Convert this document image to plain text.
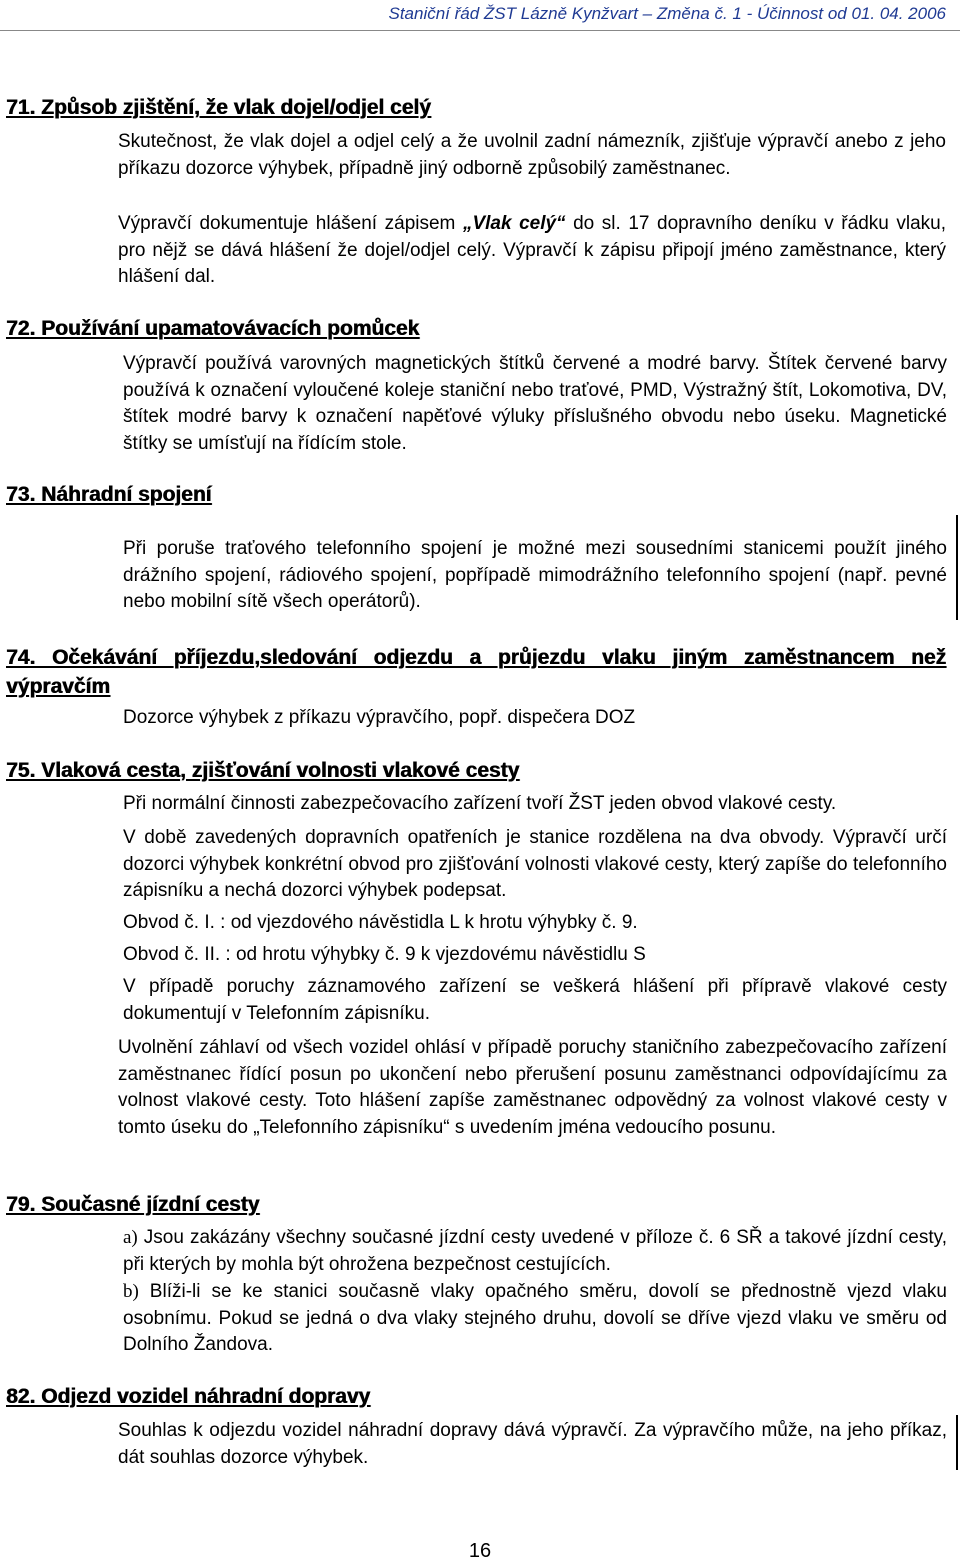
Staniční řád ŽST Lázně Kynžvart – Změna č. 1 - Účinnost od 01. 04. 2006
71. Způsob zjištění, že vlak dojel/odjel celý
Skutečnost, že vlak dojel a odjel celý a že uvolnil zadní námezník, zjišťuje výpravčí anebo z jeho příkazu dozorce výhybek, případně jiný odborně způsobilý zaměstnanec.
Výpravčí dokumentuje hlášení zápisem „Vlak celý“ do sl. 17 dopravního deníku v řádku vlaku, pro nějž se dává hlášení že dojel/odjel celý. Výpravčí k zápisu připojí jméno zaměstnance, který hlášení dal.
72. Používání upamatovávacích pomůcek
Výpravčí používá varovných magnetických štítků červené a modré barvy. Štítek červené barvy používá k označení vyloučené koleje staniční nebo traťové, PMD, Výstražný štít, Lokomotiva, DV, štítek modré barvy k označení napěťové výluky příslušného obvodu nebo úseku. Magnetické štítky se umísťují na řídícím stole.
73. Náhradní spojení
Při poruše traťového telefonního spojení je možné mezi sousedními stanicemi použít jiného drážního spojení, rádiového spojení, popřípadě mimodrážního telefonního spojení (např. pevné nebo mobilní sítě všech operátorů).
74. Očekávání příjezdu,sledování odjezdu a průjezdu vlaku jiným zaměstnancem než výpravčím
Dozorce výhybek z příkazu výpravčího, popř. dispečera DOZ
75. Vlaková cesta, zjišťování volnosti vlakové cesty
Při normální činnosti zabezpečovacího zařízení tvoří ŽST jeden obvod vlakové cesty.
V době zavedených dopravních opatřeních je stanice rozdělena na dva obvody. Výpravčí určí dozorci výhybek konkrétní obvod pro zjišťování volnosti vlakové cesty, který zapíše do telefonního zápisníku a nechá dozorci výhybek podepsat.
Obvod č. I. : od vjezdového návěstidla L k hrotu výhybky č. 9.
Obvod č. II. : od hrotu výhybky č. 9 k vjezdovému návěstidlu S
V případě poruchy záznamového zařízení se veškerá hlášení při přípravě vlakové cesty dokumentují v Telefonním zápisníku.
Uvolnění záhlaví od všech vozidel ohlásí v případě poruchy staničního zabezpečovacího zařízení zaměstnanec řídící posun po ukončení nebo přerušení posunu zaměstnanci odpovídajícímu za volnost vlakové cesty. Toto hlášení zapíše zaměstnanec odpovědný za volnost vlakové cesty v tomto úseku do „Telefonního zápisníku“ s uvedením jména vedoucího posunu.
79. Současné jízdní cesty
a) Jsou zakázány všechny současné jízdní cesty uvedené v příloze č. 6 SŘ a takové jízdní cesty, při kterých by mohla být ohrožena bezpečnost cestujících.
b) Blíži-li se ke stanici současně vlaky opačného směru, dovolí se přednostně vjezd vlaku osobnímu. Pokud se jedná o dva vlaky stejného druhu, dovolí se dříve vjezd vlaku ve směru od Dolního Žandova.
82. Odjezd vozidel náhradní dopravy
Souhlas k odjezdu vozidel náhradní dopravy dává výpravčí. Za výpravčího může, na jeho příkaz, dát souhlas dozorce výhybek.
16
